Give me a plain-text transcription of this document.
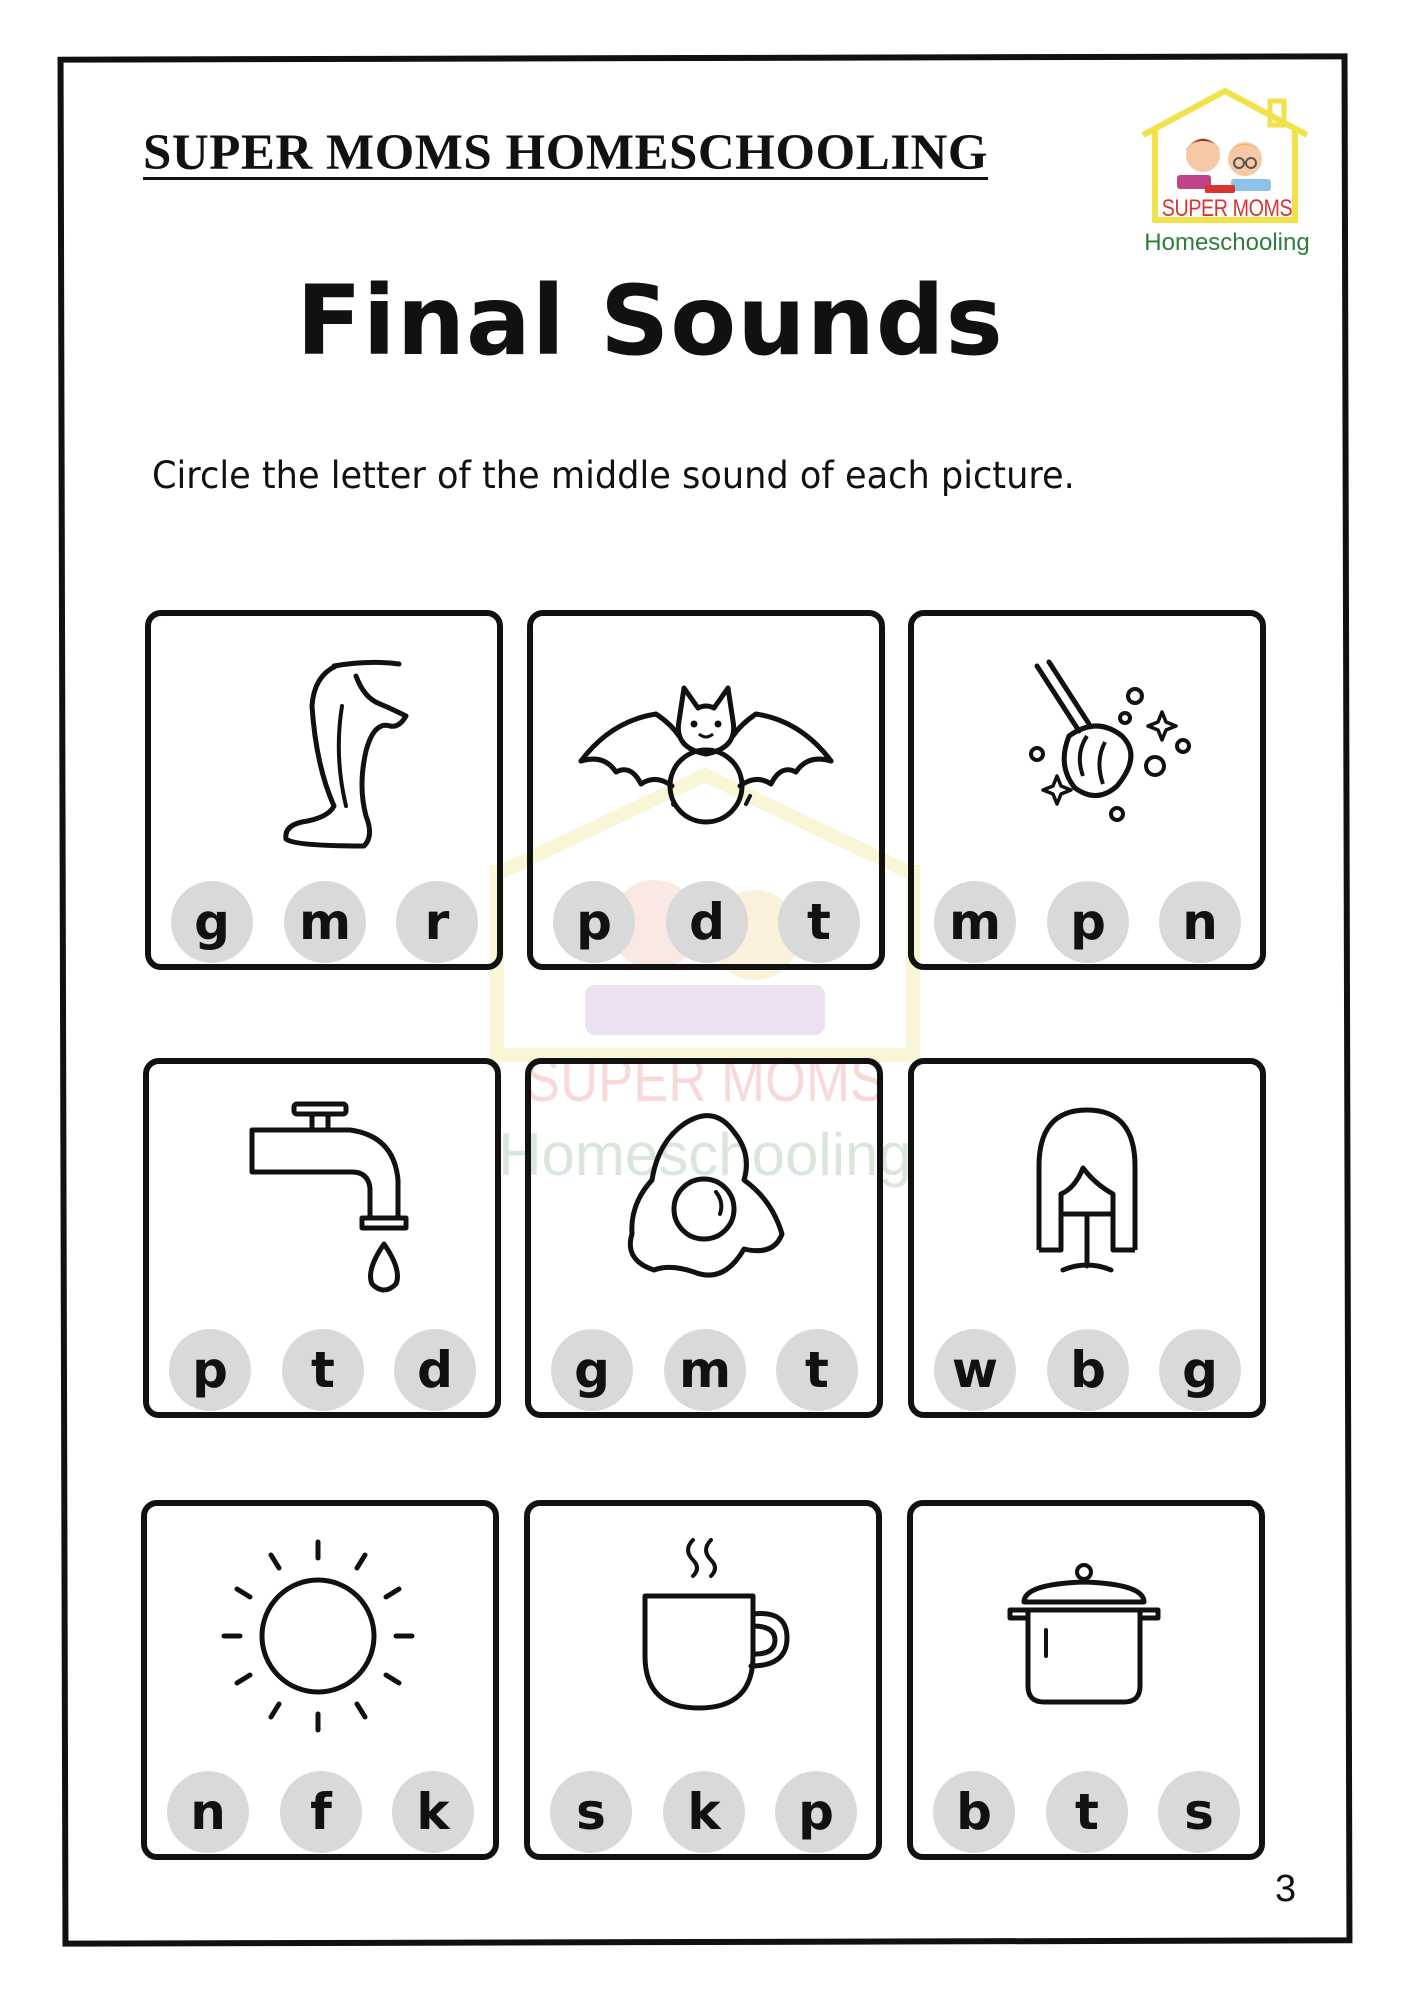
SUPER MOMS HOMESCHOOLING
SUPER MOMS
Homeschooling
Final Sounds
Circle the letter of the middle sound of each picture.
SUPER MOMS
Homeschooling
g	m	r	p	d	t	m	p	n
p	t	d	g	m	t	w	b	g
n	f	k	s	k	p	b	t	s
3
